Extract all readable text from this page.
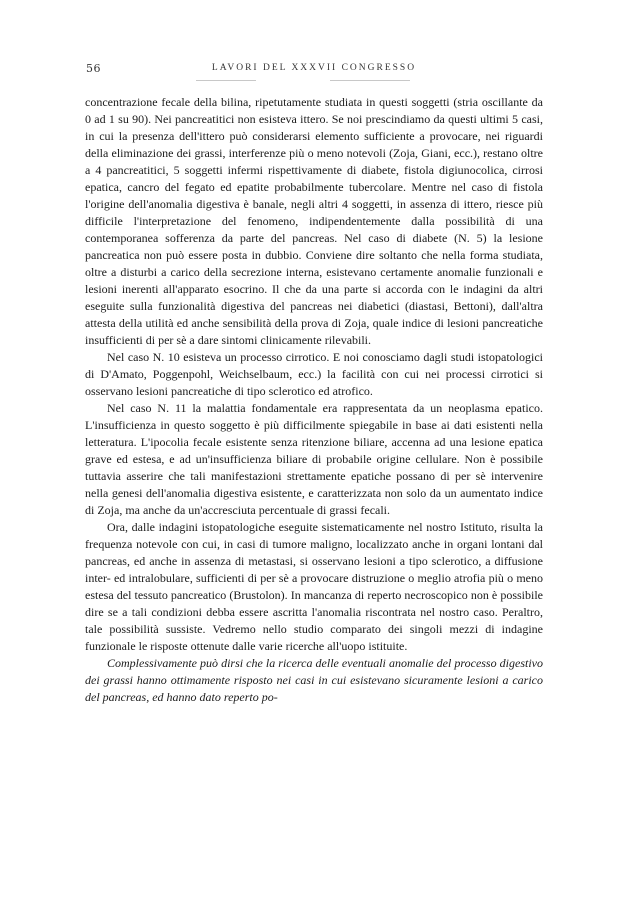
56	LAVORI DEL XXXVII CONGRESSO

concentrazione fecale della bilina, ripetutamente studiata in questi soggetti (stria oscillante da 0 ad 1 su 90). Nei pancreatitici non esisteva ittero. Se noi prescindiamo da questi ultimi 5 casi, in cui la presenza dell'ittero può considerarsi elemento sufficiente a provocare, nei riguardi della eliminazione dei grassi, interferenze più o meno notevoli (Zoja, Giani, ecc.), restano oltre a 4 pancreatitici, 5 soggetti infermi rispettivamente di diabete, fistola digiunocolica, cirrosi epatica, cancro del fegato ed epatite probabilmente tubercolare. Mentre nel caso di fistola l'origine dell'anomalia digestiva è banale, negli altri 4 soggetti, in assenza di ittero, riesce più difficile l'interpretazione del fenomeno, indipendentemente dalla possibilità di una contemporanea sofferenza da parte del pancreas. Nel caso di diabete (N. 5) la lesione pancreatica non può essere posta in dubbio. Conviene dire soltanto che nella forma studiata, oltre a disturbi a carico della secrezione interna, esistevano certamente anomalie funzionali e lesioni inerenti all'apparato esocrino. Il che da una parte si accorda con le indagini da altri eseguite sulla funzionalità digestiva del pancreas nei diabetici (diastasi, Bettoni), dall'altra attesta della utilità ed anche sensibilità della prova di Zoja, quale indice di lesioni pancreatiche insufficienti di per sè a dare sintomi clinicamente rilevabili.

Nel caso N. 10 esisteva un processo cirrotico. E noi conosciamo dagli studi istopatologici di D'Amato, Poggenpohl, Weichselbaum, ecc.) la facilità con cui nei processi cirrotici si osservano lesioni pancreatiche di tipo sclerotico ed atrofico.

Nel caso N. 11 la malattia fondamentale era rappresentata da un neoplasma epatico. L'insufficienza in questo soggetto è più difficilmente spiegabile in base ai dati esistenti nella letteratura. L'ipocolia fecale esistente senza ritenzione biliare, accenna ad una lesione epatica grave ed estesa, e ad un'insufficienza biliare di probabile origine cellulare. Non è possibile tuttavia asserire che tali manifestazioni strettamente epatiche possano di per sè intervenire nella genesi dell'anomalia digestiva esistente, e caratterizzata non solo da un aumentato indice di Zoja, ma anche da un'accresciuta percentuale di grassi fecali.

Ora, dalle indagini istopatologiche eseguite sistematicamente nel nostro Istituto, risulta la frequenza notevole con cui, in casi di tumore maligno, localizzato anche in organi lontani dal pancreas, ed anche in assenza di metastasi, si osservano lesioni a tipo sclerotico, a diffusione inter- ed intralobulare, sufficienti di per sè a provocare distruzione o meglio atrofia più o meno estesa del tessuto pancreatico (Brustolon). In mancanza di reperto necroscopico non è possibile dire se a tali condizioni debba essere ascritta l'anomalia riscontrata nel nostro caso. Peraltro, tale possibilità sussiste. Vedremo nello studio comparato dei singoli mezzi di indagine funzionale le risposte ottenute dalle varie ricerche all'uopo istituite.

Complessivamente può dirsi che la ricerca delle eventuali anomalie del processo digestivo dei grassi hanno ottimamente risposto nei casi in cui esistevano sicuramente lesioni a carico del pancreas, ed hanno dato reperto po-
